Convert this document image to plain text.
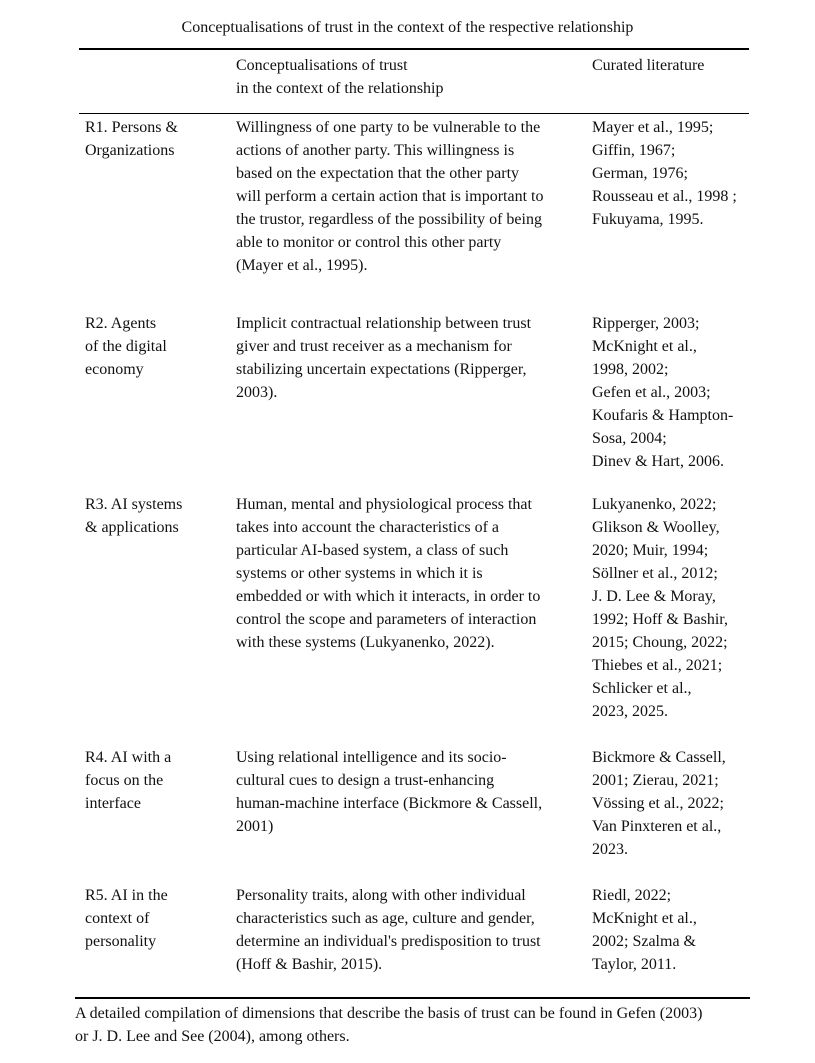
Conceptualisations of trust in the context of the respective relationship
Conceptualisations of trust
in the context of the relationship
Curated literature
R1. Persons &
Organizations
Willingness of one party to be vulnerable to the
actions of another party. This willingness is
based on the expectation that the other party
will perform a certain action that is important to
the trustor, regardless of the possibility of being
able to monitor or control this other party
(Mayer et al., 1995).
Mayer et al., 1995;
Giffin, 1967;
German, 1976;
Rousseau et al., 1998 ;
Fukuyama, 1995.
R2. Agents
of the digital
economy
Implicit contractual relationship between trust
giver and trust receiver as a mechanism for
stabilizing uncertain expectations (Ripperger,
2003).
Ripperger, 2003;
McKnight et al.,
1998, 2002;
Gefen et al., 2003;
Koufaris & Hampton-
Sosa, 2004;
Dinev & Hart, 2006.
R3. AI systems
& applications
Human, mental and physiological process that
takes into account the characteristics of a
particular AI-based system, a class of such
systems or other systems in which it is
embedded or with which it interacts, in order to
control the scope and parameters of interaction
with these systems (Lukyanenko, 2022).
Lukyanenko, 2022;
Glikson & Woolley,
2020; Muir, 1994;
Söllner et al., 2012;
J. D. Lee & Moray,
1992; Hoff & Bashir,
2015; Choung, 2022;
Thiebes et al., 2021;
Schlicker et al.,
2023, 2025.
R4. AI with a
focus on the
interface
Using relational intelligence and its socio-
cultural cues to design a trust-enhancing
human-machine interface (Bickmore & Cassell,
2001)
Bickmore & Cassell,
2001; Zierau, 2021;
Vössing et al., 2022;
Van Pinxteren et al.,
2023.
R5. AI in the
context of
personality
Personality traits, along with other individual
characteristics such as age, culture and gender,
determine an individual's predisposition to trust
(Hoff & Bashir, 2015).
Riedl, 2022;
McKnight et al.,
2002; Szalma &
Taylor, 2011.
A detailed compilation of dimensions that describe the basis of trust can be found in Gefen (2003)
or J. D. Lee and See (2004), among others.
